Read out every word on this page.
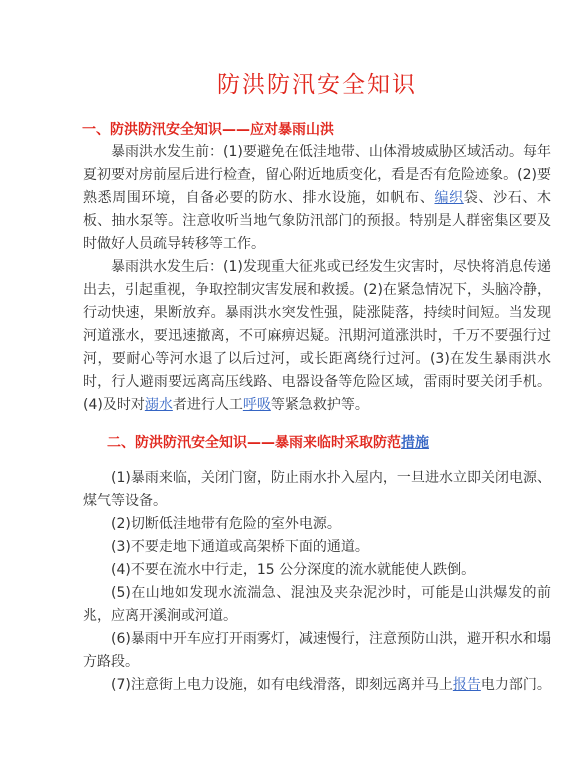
防洪防汛安全知识
一、防洪防汛安全知识——应对暴雨山洪

暴雨洪水发生前：(1)要避免在低洼地带、山体滑坡威胁区域活动。每年夏初要对房前屋后进行检查，留心附近地质变化，看是否有危险迹象。(2)要熟悉周围环境，自备必要的防水、排水设施，如帆布、编织袋、沙石、木板、抽水泵等。注意收听当地气象防汛部门的预报。特别是人群密集区要及时做好人员疏导转移等工作。

暴雨洪水发生后：(1)发现重大征兆或已经发生灾害时，尽快将消息传递出去，引起重视，争取控制灾害发展和救援。(2)在紧急情况下，头脑冷静，行动快速，果断放弃。暴雨洪水突发性强，陡涨陡落，持续时间短。当发现河道涨水，要迅速撤离，不可麻痹迟疑。汛期河道涨洪时，千万不要强行过河，要耐心等河水退了以后过河，或长距离绕行过河。(3)在发生暴雨洪水时，行人避雨要远离高压线路、电器设备等危险区域，雷雨时要关闭手机。(4)及时对溺水者进行人工呼吸等紧急救护等。

二、防洪防汛安全知识——暴雨来临时采取防范措施

(1)暴雨来临，关闭门窗，防止雨水扑入屋内，一旦进水立即关闭电源、煤气等设备。

(2)切断低洼地带有危险的室外电源。

(3)不要走地下通道或高架桥下面的通道。

(4)不要在流水中行走，15 公分深度的流水就能使人跌倒。

(5)在山地如发现水流湍急、混浊及夹杂泥沙时，可能是山洪爆发的前兆，应离开溪涧或河道。

(6)暴雨中开车应打开雨雾灯，减速慢行，注意预防山洪，避开积水和塌方路段。

(7)注意街上电力设施，如有电线滑落，即刻远离并马上报告电力部门。
